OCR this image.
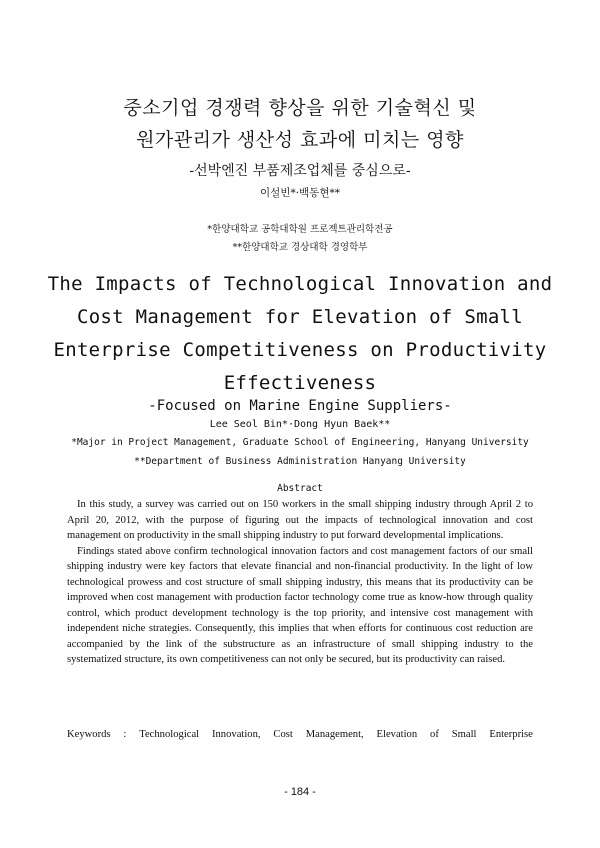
중소기업 경쟁력 향상을 위한 기술혁신 및
원가관리가 생산성 효과에 미치는 영향
-선박엔진 부품제조업체를 중심으로-
이설빈*·백동현**
*한양대학교 공학대학원 프로젝트관리학전공
**한양대학교 경상대학 경영학부
The Impacts of Technological Innovation and
Cost Management for Elevation of Small
Enterprise Competitiveness on Productivity
Effectiveness
-Focused on Marine Engine Suppliers-
Lee Seol Bin*·Dong Hyun Baek**
*Major in Project Management, Graduate School of Engineering, Hanyang University
**Department of Business Administration Hanyang University
Abstract

In this study, a survey was carried out on 150 workers in the small shipping industry through April 2 to April 20, 2012, with the purpose of figuring out the impacts of technological innovation and cost management on productivity in the small shipping industry to put forward developmental implications.

Findings stated above confirm technological innovation factors and cost management factors of our small shipping industry were key factors that elevate financial and non-financial productivity. In the light of low technological prowess and cost structure of small shipping industry, this means that its productivity can be improved when cost management with production factor technology come true as know-how through quality control, which product development technology is the top priority, and intensive cost management with independent niche strategies. Consequently, this implies that when efforts for continuous cost reduction are accompanied by the link of the substructure as an infrastructure of small shipping industry to the systematized structure, its own competitiveness can not only be secured, but its productivity can raised.

Keywords : Technological Innovation, Cost Management, Elevation of Small Enterprise
- 184 -
